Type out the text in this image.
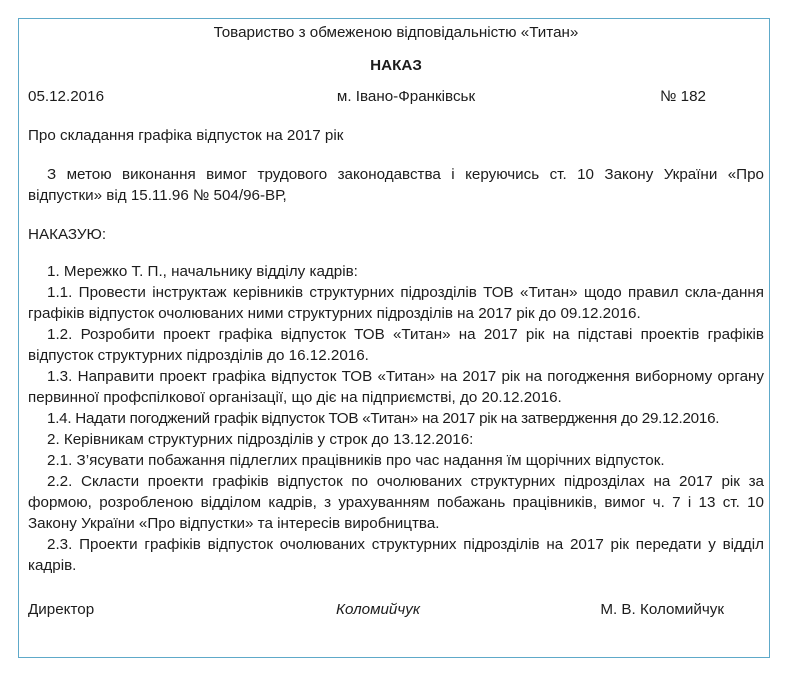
Товариство з обмеженою відповідальністю «Титан»

НАКАЗ

05.12.2016	м. Івано-Франківськ	№ 182

Про складання графіка відпусток на 2017 рік

З метою виконання вимог трудового законодавства і керуючись ст. 10 Закону України «Про відпустки» від 15.11.96 № 504/96-ВР,

НАКАЗУЮ:

1. Мережко Т. П., начальнику відділу кадрів:

1.1. Провести інструктаж керівників структурних підрозділів ТОВ «Титан» щодо правил скла-дання графіків відпусток очолюваних ними структурних підрозділів на 2017 рік до 09.12.2016.

1.2. Розробити проект графіка відпусток ТОВ «Титан» на 2017 рік на підставі проектів графіків відпусток структурних підрозділів до 16.12.2016.

1.3. Направити проект графіка відпусток ТОВ «Титан» на 2017 рік на погодження виборному органу первинної профспілкової організації, що діє на підприємстві, до 20.12.2016.

1.4. Надати погоджений графік відпусток ТОВ «Титан» на 2017 рік на затвердження до 29.12.2016.

2. Керівникам структурних підрозділів у строк до 13.12.2016:

2.1. З’ясувати побажання підлеглих працівників про час надання їм щорічних відпусток.

2.2. Скласти проекти графіків відпусток по очолюваних структурних підрозділах на 2017 рік за формою, розробленою відділом кадрів, з урахуванням побажань працівників, вимог ч. 7 і 13 ст. 10 Закону України «Про відпустки» та інтересів виробництва.

2.3. Проекти графіків відпусток очолюваних структурних підрозділів на 2017 рік передати у відділ кадрів.

Директор	Коломийчук	М. В. Коломийчук
